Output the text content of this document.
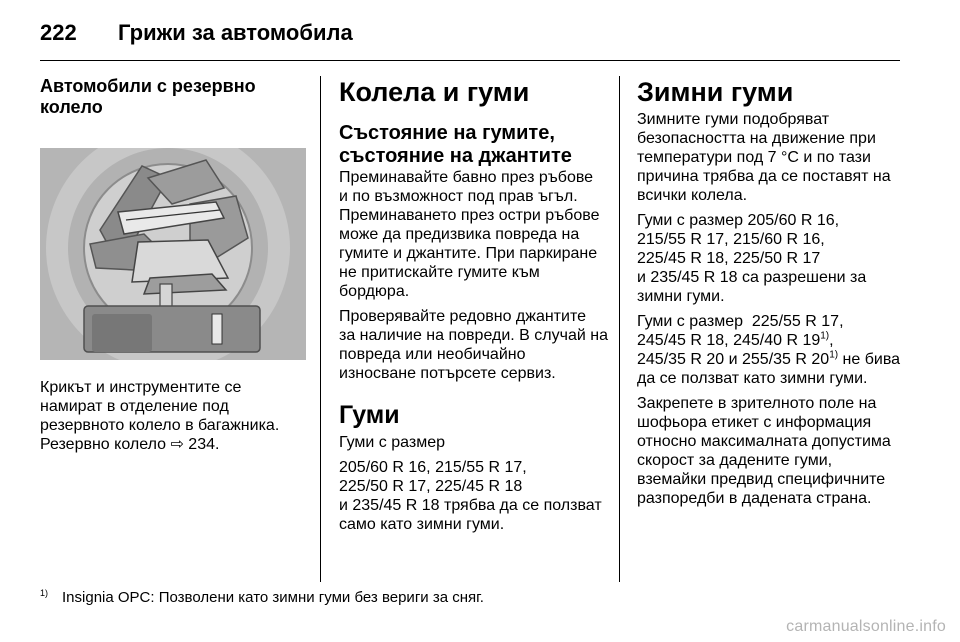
222 Грижи за автомобила
Автомобили с резервно колело
Крикът и инструментите се
намират в отделение под
резервното колело в багажника.
Резервно колело ⇨ 234.
Колела и гуми
Състояние на гумите,
състояние на джантите

Преминавайте бавно през ръбове
и по възможност под прав ъгъл.
Преминаването през остри ръбове
може да предизвика повреда на
гумите и джантите. При паркиране
не притискайте гумите към
бордюра.

Проверявайте редовно джантите
за наличие на повреди. В случай на
повреда или необичайно
износване потърсете сервиз.

Гуми

Гуми с размер

205/60 R 16, 215/55 R 17,
225/50 R 17, 225/45 R 18
и 235/45 R 18 трябва да се ползват
само като зимни гуми.

Зимни гуми

Зимните гуми подобряват
безопасността на движение при
температури под 7 °C и по тази
причина трябва да се поставят на
всички колела.

Гуми с размер 205/60 R 16,
215/55 R 17, 215/60 R 16,
225/45 R 18, 225/50 R 17
и 235/45 R 18 са разрешени за
зимни гуми.

Гуми с размер  225/55 R 17,
245/45 R 18, 245/40 R 19$^{1)}$,
245/35 R 20 и 255/35 R 20$^{1)}$ не бива
да се ползват като зимни гуми.

Закрепете в зрителното поле на
шофьора етикет с информация
относно максималната допустима
скорост за дадените гуми,
вземайки предвид специфичните
разпоредби в дадената страна.

$^{1)}$ Insignia OPC: Позволени като зимни гуми без вериги за сняг.
carmanualsonline.info
